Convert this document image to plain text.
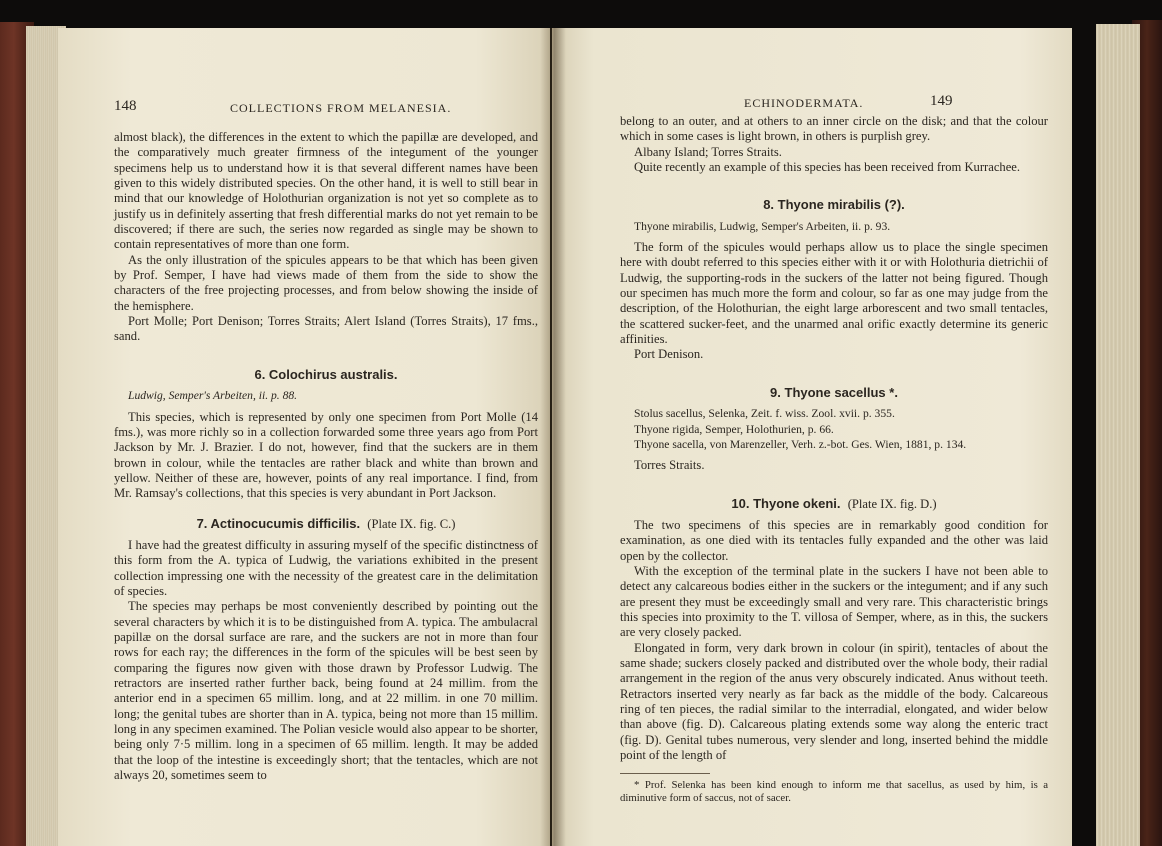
148	COLLECTIONS FROM MELANESIA.

almost black), the differences in the extent to which the papillæ are developed, and the comparatively much greater firmness of the integument of the younger specimens help us to understand how it is that several different names have been given to this widely distributed species. On the other hand, it is well to still bear in mind that our knowledge of Holothurian organization is not yet so complete as to justify us in definitely asserting that fresh differential marks do not yet remain to be discovered; if there are such, the series now regarded as single may be shown to contain representatives of more than one form.

As the only illustration of the spicules appears to be that which has been given by Prof. Semper, I have had views made of them from the side to show the characters of the free projecting processes, and from below showing the inside of the hemisphere.

Port Molle; Port Denison; Torres Straits; Alert Island (Torres Straits), 17 fms., sand.

6. Colochirus australis.

Ludwig, Semper's Arbeiten, ii. p. 88.

This species, which is represented by only one specimen from Port Molle (14 fms.), was more richly so in a collection forwarded some three years ago from Port Jackson by Mr. J. Brazier. I do not, however, find that the suckers are in them brown in colour, while the tentacles are rather black and white than brown and yellow. Neither of these are, however, points of any real importance. I find, from Mr. Ramsay's collections, that this species is very abundant in Port Jackson.

7. Actinocucumis difficilis. (Plate IX. fig. C.)

I have had the greatest difficulty in assuring myself of the specific distinctness of this form from the A. typica of Ludwig, the variations exhibited in the present collection impressing one with the necessity of the greatest care in the delimitation of species.

The species may perhaps be most conveniently described by pointing out the several characters by which it is to be distinguished from A. typica. The ambulacral papillæ on the dorsal surface are rare, and the suckers are not in more than four rows for each ray; the differences in the form of the spicules will be best seen by comparing the figures now given with those drawn by Professor Ludwig. The retractors are inserted rather further back, being found at 24 millim. from the anterior end in a specimen 65 millim. long, and at 22 millim. in one 70 millim. long; the genital tubes are shorter than in A. typica, being not more than 15 millim. long in any specimen examined. The Polian vesicle would also appear to be shorter, being only 7·5 millim. long in a specimen of 65 millim. length. It may be added that the loop of the intestine is exceedingly short; that the tentacles, which are not always 20, sometimes seem to

ECHINODERMATA.	149

belong to an outer, and at others to an inner circle on the disk; and that the colour which in some cases is light brown, in others is purplish grey.

Albany Island; Torres Straits.

Quite recently an example of this species has been received from Kurrachee.

8. Thyone mirabilis (?).

Thyone mirabilis, Ludwig, Semper's Arbeiten, ii. p. 93.

The form of the spicules would perhaps allow us to place the single specimen here with doubt referred to this species either with it or with Holothuria dietrichii of Ludwig, the supporting-rods in the suckers of the latter not being figured. Though our specimen has much more the form and colour, so far as one may judge from the description, of the Holothurian, the eight large arborescent and two small tentacles, the scattered sucker-feet, and the unarmed anal orific exactly determine its generic affinities.

Port Denison.

9. Thyone sacellus *.

Stolus sacellus, Selenka, Zeit. f. wiss. Zool. xvii. p. 355.

Thyone rigida, Semper, Holothurien, p. 66.

Thyone sacella, von Marenzeller, Verh. z.-bot. Ges. Wien, 1881, p. 134.

Torres Straits.

10. Thyone okeni. (Plate IX. fig. D.)

The two specimens of this species are in remarkably good condition for examination, as one died with its tentacles fully expanded and the other was laid open by the collector.

With the exception of the terminal plate in the suckers I have not been able to detect any calcareous bodies either in the suckers or the integument; and if any such are present they must be exceedingly small and very rare. This characteristic brings this species into proximity to the T. villosa of Semper, where, as in this, the suckers are very closely packed.

Elongated in form, very dark brown in colour (in spirit), tentacles of about the same shade; suckers closely packed and distributed over the whole body, their radial arrangement in the region of the anus very obscurely indicated. Anus without teeth. Retractors inserted very nearly as far back as the middle of the body. Calcareous ring of ten pieces, the radial similar to the interradial, elongated, and wider below than above (fig. D). Calcareous plating extends some way along the enteric tract (fig. D). Genital tubes numerous, very slender and long, inserted behind the middle point of the length of

* Prof. Selenka has been kind enough to inform me that sacellus, as used by him, is a diminutive form of saccus, not of sacer.
